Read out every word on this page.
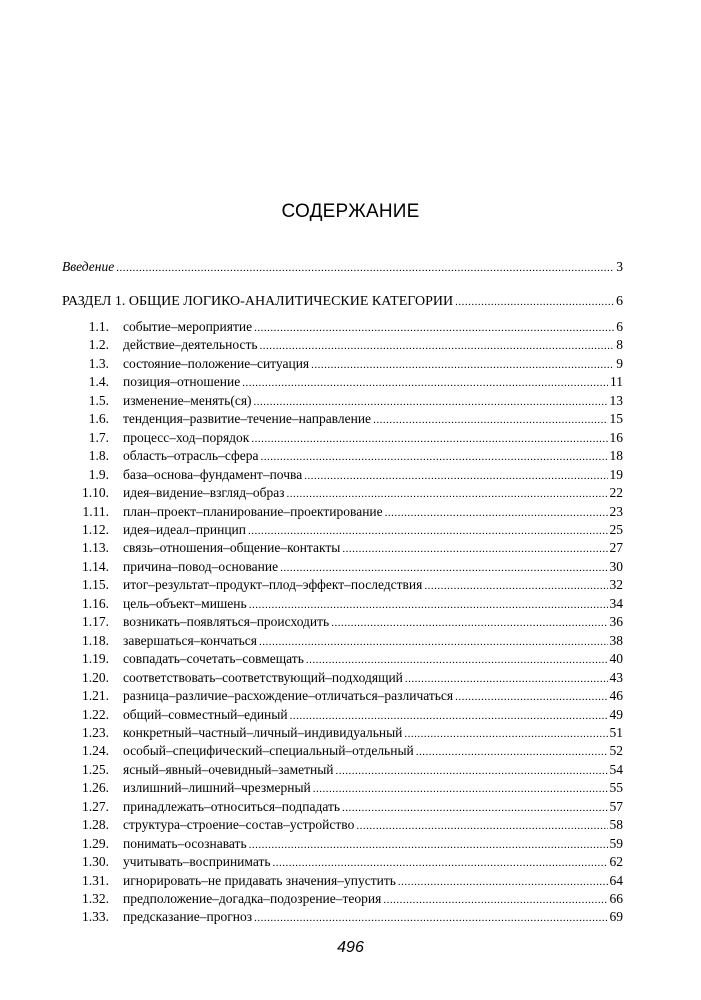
СОДЕРЖАНИЕ
Введение .....	3
РАЗДЕЛ 1. ОБЩИЕ ЛОГИКО-АНАЛИТИЧЕСКИЕ КАТЕГОРИИ .....	6
1.1. событие–мероприятие .....	6
1.2. действие–деятельность .....	8
1.3. состояние–положение–ситуация .....	9
1.4. позиция–отношение .....	11
1.5. изменение–менять(ся) .....	13
1.6. тенденция–развитие–течение–направление .....	15
1.7. процесс–ход–порядок .....	16
1.8. область–отрасль–сфера .....	18
1.9. база–основа–фундамент–почва .....	19
1.10. идея–видение–взгляд–образ .....	22
1.11. план–проект–планирование–проектирование .....	23
1.12. идея–идеал–принцип .....	25
1.13. связь–отношения–общение–контакты .....	27
1.14. причина–повод–основание .....	30
1.15. итог–результат–продукт–плод–эффект–последствия .....	32
1.16. цель–объект–мишень .....	34
1.17. возникать–появляться–происходить .....	36
1.18. завершаться–кончаться .....	38
1.19. совпадать–сочетать–совмещать .....	40
1.20. соответствовать–соответствующий–подходящий .....	43
1.21. разница–различие–расхождение–отличаться–различаться .....	46
1.22. общий–совместный–единый .....	49
1.23. конкретный–частный–личный–индивидуальный .....	51
1.24. особый–специфический–специальный–отдельный .....	52
1.25. ясный–явный–очевидный–заметный .....	54
1.26. излишний–лишний–чрезмерный .....	55
1.27. принадлежать–относиться–подпадать .....	57
1.28. структура–строение–состав–устройство .....	58
1.29. понимать–осознавать .....	59
1.30. учитывать–воспринимать .....	62
1.31. игнорировать–не придавать значения–упустить .....	64
1.32. предположение–догадка–подозрение–теория .....	66
1.33. предсказание–прогноз .....	69
496
